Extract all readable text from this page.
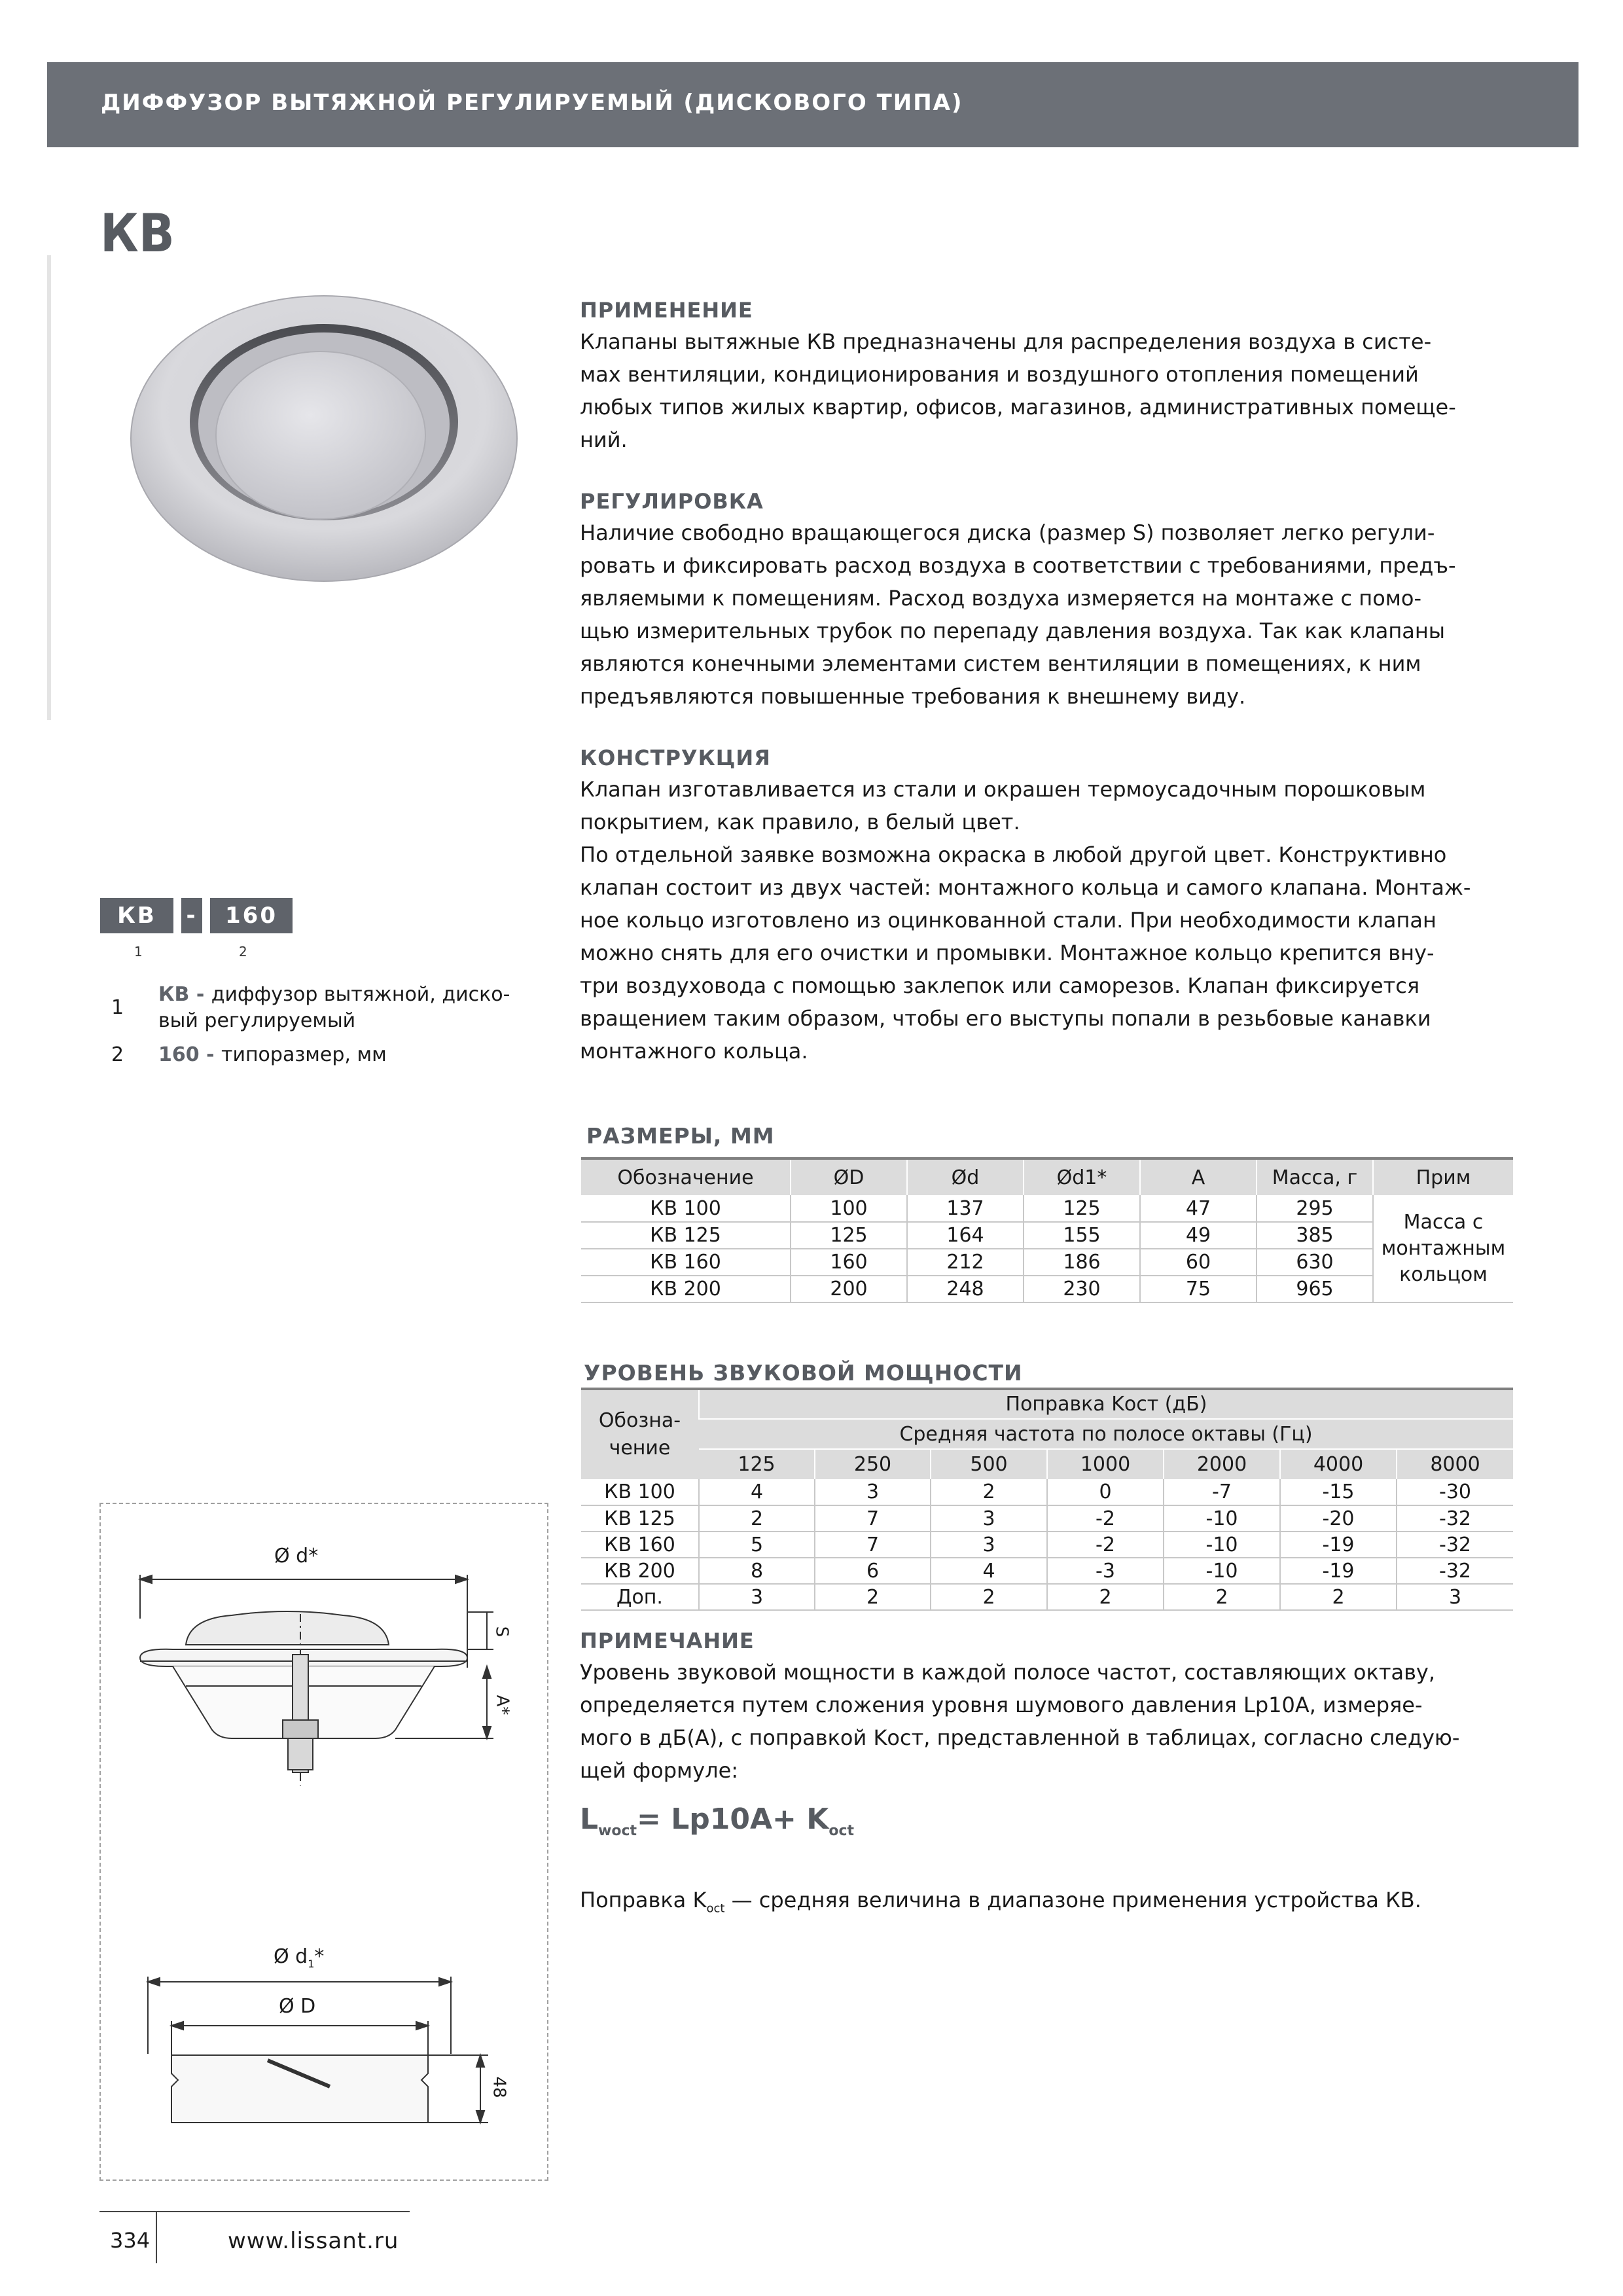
ДИФФУЗОР ВЫТЯЖНОЙ РЕГУЛИРУЕМЫЙ (ДИСКОВОГО ТИПА)
КВ
КВ	-	160
1	2
1
КВ - диффузор вытяжной, диско-
вый регулируемый
2 160 - типоразмер, мм
ПРИМЕНЕНИЕ
Клапаны вытяжные КВ предназначены для распределения воздуха в систе-
мах вентиляции, кондиционирования и воздушного отопления помещений
любых типов жилых квартир, офисов, магазинов, административных помеще-
ний.
РЕГУЛИРОВКА
Наличие свободно вращающегося диска (размер S) позволяет легко регули-
ровать и фиксировать расход воздуха в соответствии с требованиями, предъ-
являемыми к помещениям. Расход воздуха измеряется на монтаже с помо-
щью измерительных трубок по перепаду давления воздуха. Так как клапаны
являются конечными элементами систем вентиляции в помещениях, к ним
предъявляются повышенные требования к внешнему виду.
КОНСТРУКЦИЯ
Клапан изготавливается из стали и окрашен термоусадочным порошковым
покрытием, как правило, в белый цвет.
По отдельной заявке возможна окраска в любой другой цвет. Конструктивно
клапан состоит из двух частей: монтажного кольца и самого клапана. Монтаж-
ное кольцо изготовлено из оцинкованной стали. При необходимости клапан
можно снять для его очистки и промывки. Монтажное кольцо крепится вну-
три воздуховода с помощью заклепок или саморезов. Клапан фиксируется
вращением таким образом, чтобы его выступы попали в резьбовые канавки
монтажного кольца.
РАЗМЕРЫ, ММ
Обозначение	ØD	Ød	Ød1*	А	Масса, г	Прим
КВ 100	100	137	125	47	295	Масса с
монтажным
кольцом
КВ 125	125	164	155	49	385	
КВ 160	160	212	186	60	630	
КВ 200	200	248	230	75	965	
УРОВЕНЬ ЗВУКОВОЙ МОЩНОСТИ
Обозна-
чение	Поправка Kост (дБ)						
	Средняя частота по полосе октавы (Гц)						
	125	250	500	1000	2000	4000	8000
КВ 100	4	3	2	0	-7	-15	-30
КВ 125	2	7	3	-2	-10	-20	-32
КВ 160	5	7	3	-2	-10	-19	-32
КВ 200	8	6	4	-3	-10	-19	-32
Доп.	3	2	2	2	2	2	3
ПРИМЕЧАНИЕ
Уровень звуковой мощности в каждой полосе частот, составляющих октаву,
определяется путем сложения уровня шумового давления Lp10A, измеряе-
мого в дБ(А), с поправкой Kост, представленной в таблицах, согласно следую-
щей формуле:
$L_{woct}= Lp10A+ K_{oct}$
Поправка $K_{oct}$ — средняя величина в диапазоне применения устройства КВ.
Ø d*
S
А*
Ø $d_1*$
Ø D
48
334	www.lissant.ru
